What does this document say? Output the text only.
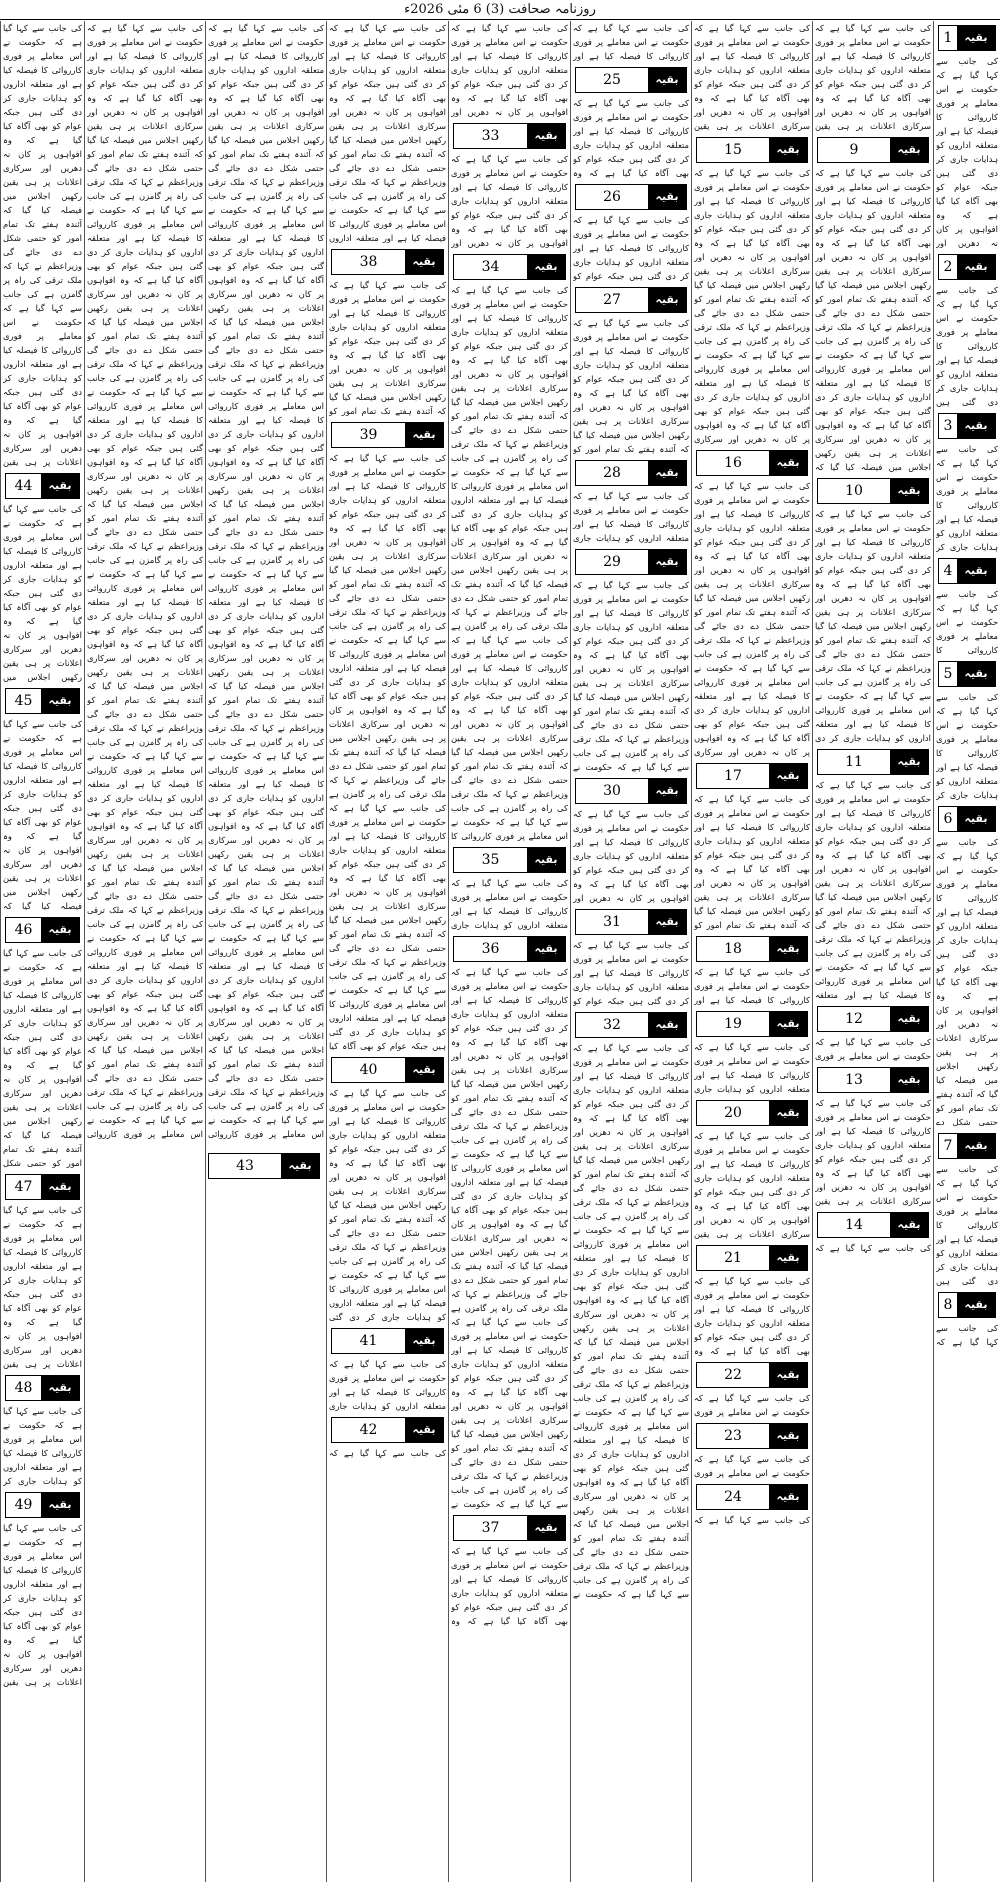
روزنامہ صحافت (3) 6 مئی 2026ء
1	بقیہ
کی جانب سے کہا گیا ہے کہ حکومت نے اس معاملے پر فوری کارروائی کا فیصلہ کیا ہے اور متعلقہ اداروں کو ہدایات جاری کر دی گئی ہیں جبکہ عوام کو بھی آگاہ کیا گیا ہے کہ وہ افواہوں پر کان نہ دھریں اور
2	بقیہ
کی جانب سے کہا گیا ہے کہ حکومت نے اس معاملے پر فوری کارروائی کا فیصلہ کیا ہے اور متعلقہ اداروں کو ہدایات جاری کر دی گئی ہیں
3	بقیہ
کی جانب سے کہا گیا ہے کہ حکومت نے اس معاملے پر فوری کارروائی کا فیصلہ کیا ہے اور متعلقہ اداروں کو ہدایات جاری کر
4	بقیہ
کی جانب سے کہا گیا ہے کہ حکومت نے اس معاملے پر فوری کارروائی کا
5	بقیہ
کی جانب سے کہا گیا ہے کہ حکومت نے اس معاملے پر فوری کارروائی کا فیصلہ کیا ہے اور متعلقہ اداروں کو ہدایات جاری کر
6	بقیہ
کی جانب سے کہا گیا ہے کہ حکومت نے اس معاملے پر فوری کارروائی کا فیصلہ کیا ہے اور متعلقہ اداروں کو ہدایات جاری کر دی گئی ہیں جبکہ عوام کو بھی آگاہ کیا گیا ہے کہ وہ افواہوں پر کان نہ دھریں اور سرکاری اعلانات پر ہی یقین رکھیں اجلاس میں فیصلہ کیا گیا کہ آئندہ ہفتے تک تمام امور کو حتمی شکل دے
7	بقیہ
کی جانب سے کہا گیا ہے کہ حکومت نے اس معاملے پر فوری کارروائی کا فیصلہ کیا ہے اور متعلقہ اداروں کو ہدایات جاری کر دی گئی ہیں
8	بقیہ
کی جانب سے کہا گیا ہے کہ
کی جانب سے کہا گیا ہے کہ حکومت نے اس معاملے پر فوری کارروائی کا فیصلہ کیا ہے اور متعلقہ اداروں کو ہدایات جاری کر دی گئی ہیں جبکہ عوام کو بھی آگاہ کیا گیا ہے کہ وہ افواہوں پر کان نہ دھریں اور سرکاری اعلانات پر ہی یقین
9	بقیہ
کی جانب سے کہا گیا ہے کہ حکومت نے اس معاملے پر فوری کارروائی کا فیصلہ کیا ہے اور متعلقہ اداروں کو ہدایات جاری کر دی گئی ہیں جبکہ عوام کو بھی آگاہ کیا گیا ہے کہ وہ افواہوں پر کان نہ دھریں اور سرکاری اعلانات پر ہی یقین رکھیں اجلاس میں فیصلہ کیا گیا کہ آئندہ ہفتے تک تمام امور کو حتمی شکل دے دی جائے گی وزیراعظم نے کہا کہ ملک ترقی کی راہ پر گامزن ہے کی جانب سے کہا گیا ہے کہ حکومت نے اس معاملے پر فوری کارروائی کا فیصلہ کیا ہے اور متعلقہ اداروں کو ہدایات جاری کر دی گئی ہیں جبکہ عوام کو بھی آگاہ کیا گیا ہے کہ وہ افواہوں پر کان نہ دھریں اور سرکاری اعلانات پر ہی یقین رکھیں اجلاس میں فیصلہ کیا گیا کہ
10	بقیہ
کی جانب سے کہا گیا ہے کہ حکومت نے اس معاملے پر فوری کارروائی کا فیصلہ کیا ہے اور متعلقہ اداروں کو ہدایات جاری کر دی گئی ہیں جبکہ عوام کو بھی آگاہ کیا گیا ہے کہ وہ افواہوں پر کان نہ دھریں اور سرکاری اعلانات پر ہی یقین رکھیں اجلاس میں فیصلہ کیا گیا کہ آئندہ ہفتے تک تمام امور کو حتمی شکل دے دی جائے گی وزیراعظم نے کہا کہ ملک ترقی کی راہ پر گامزن ہے کی جانب سے کہا گیا ہے کہ حکومت نے اس معاملے پر فوری کارروائی کا فیصلہ کیا ہے اور متعلقہ اداروں کو ہدایات جاری کر دی
11	بقیہ
کی جانب سے کہا گیا ہے کہ حکومت نے اس معاملے پر فوری کارروائی کا فیصلہ کیا ہے اور متعلقہ اداروں کو ہدایات جاری کر دی گئی ہیں جبکہ عوام کو بھی آگاہ کیا گیا ہے کہ وہ افواہوں پر کان نہ دھریں اور سرکاری اعلانات پر ہی یقین رکھیں اجلاس میں فیصلہ کیا گیا کہ آئندہ ہفتے تک تمام امور کو حتمی شکل دے دی جائے گی وزیراعظم نے کہا کہ ملک ترقی کی راہ پر گامزن ہے کی جانب سے کہا گیا ہے کہ حکومت نے اس معاملے پر فوری کارروائی کا فیصلہ کیا ہے اور متعلقہ
12	بقیہ
کی جانب سے کہا گیا ہے کہ حکومت نے اس معاملے پر فوری
13	بقیہ
کی جانب سے کہا گیا ہے کہ حکومت نے اس معاملے پر فوری کارروائی کا فیصلہ کیا ہے اور متعلقہ اداروں کو ہدایات جاری کر دی گئی ہیں جبکہ عوام کو بھی آگاہ کیا گیا ہے کہ وہ افواہوں پر کان نہ دھریں اور سرکاری اعلانات پر ہی یقین
14	بقیہ
کی جانب سے کہا گیا ہے کہ
کی جانب سے کہا گیا ہے کہ حکومت نے اس معاملے پر فوری کارروائی کا فیصلہ کیا ہے اور متعلقہ اداروں کو ہدایات جاری کر دی گئی ہیں جبکہ عوام کو بھی آگاہ کیا گیا ہے کہ وہ افواہوں پر کان نہ دھریں اور سرکاری اعلانات پر ہی یقین
15	بقیہ
کی جانب سے کہا گیا ہے کہ حکومت نے اس معاملے پر فوری کارروائی کا فیصلہ کیا ہے اور متعلقہ اداروں کو ہدایات جاری کر دی گئی ہیں جبکہ عوام کو بھی آگاہ کیا گیا ہے کہ وہ افواہوں پر کان نہ دھریں اور سرکاری اعلانات پر ہی یقین رکھیں اجلاس میں فیصلہ کیا گیا کہ آئندہ ہفتے تک تمام امور کو حتمی شکل دے دی جائے گی وزیراعظم نے کہا کہ ملک ترقی کی راہ پر گامزن ہے کی جانب سے کہا گیا ہے کہ حکومت نے اس معاملے پر فوری کارروائی کا فیصلہ کیا ہے اور متعلقہ اداروں کو ہدایات جاری کر دی گئی ہیں جبکہ عوام کو بھی آگاہ کیا گیا ہے کہ وہ افواہوں پر کان نہ دھریں اور سرکاری
16	بقیہ
کی جانب سے کہا گیا ہے کہ حکومت نے اس معاملے پر فوری کارروائی کا فیصلہ کیا ہے اور متعلقہ اداروں کو ہدایات جاری کر دی گئی ہیں جبکہ عوام کو بھی آگاہ کیا گیا ہے کہ وہ افواہوں پر کان نہ دھریں اور سرکاری اعلانات پر ہی یقین رکھیں اجلاس میں فیصلہ کیا گیا کہ آئندہ ہفتے تک تمام امور کو حتمی شکل دے دی جائے گی وزیراعظم نے کہا کہ ملک ترقی کی راہ پر گامزن ہے کی جانب سے کہا گیا ہے کہ حکومت نے اس معاملے پر فوری کارروائی کا فیصلہ کیا ہے اور متعلقہ اداروں کو ہدایات جاری کر دی گئی ہیں جبکہ عوام کو بھی آگاہ کیا گیا ہے کہ وہ افواہوں پر کان نہ دھریں اور سرکاری
17	بقیہ
کی جانب سے کہا گیا ہے کہ حکومت نے اس معاملے پر فوری کارروائی کا فیصلہ کیا ہے اور متعلقہ اداروں کو ہدایات جاری کر دی گئی ہیں جبکہ عوام کو بھی آگاہ کیا گیا ہے کہ وہ افواہوں پر کان نہ دھریں اور سرکاری اعلانات پر ہی یقین رکھیں اجلاس میں فیصلہ کیا گیا کہ آئندہ ہفتے تک تمام امور کو
18	بقیہ
کی جانب سے کہا گیا ہے کہ حکومت نے اس معاملے پر فوری کارروائی کا فیصلہ کیا ہے اور
19	بقیہ
کی جانب سے کہا گیا ہے کہ حکومت نے اس معاملے پر فوری کارروائی کا فیصلہ کیا ہے اور متعلقہ اداروں کو ہدایات جاری
20	بقیہ
کی جانب سے کہا گیا ہے کہ حکومت نے اس معاملے پر فوری کارروائی کا فیصلہ کیا ہے اور متعلقہ اداروں کو ہدایات جاری کر دی گئی ہیں جبکہ عوام کو بھی آگاہ کیا گیا ہے کہ وہ افواہوں پر کان نہ دھریں اور سرکاری اعلانات پر ہی یقین
21	بقیہ
کی جانب سے کہا گیا ہے کہ حکومت نے اس معاملے پر فوری کارروائی کا فیصلہ کیا ہے اور متعلقہ اداروں کو ہدایات جاری کر دی گئی ہیں جبکہ عوام کو بھی آگاہ کیا گیا ہے کہ وہ
22	بقیہ
کی جانب سے کہا گیا ہے کہ حکومت نے اس معاملے پر فوری
23	بقیہ
کی جانب سے کہا گیا ہے کہ حکومت نے اس معاملے پر فوری
24	بقیہ
کی جانب سے کہا گیا ہے کہ
کی جانب سے کہا گیا ہے کہ حکومت نے اس معاملے پر فوری کارروائی کا فیصلہ کیا ہے اور
25	بقیہ
کی جانب سے کہا گیا ہے کہ حکومت نے اس معاملے پر فوری کارروائی کا فیصلہ کیا ہے اور متعلقہ اداروں کو ہدایات جاری کر دی گئی ہیں جبکہ عوام کو بھی آگاہ کیا گیا ہے کہ وہ
26	بقیہ
کی جانب سے کہا گیا ہے کہ حکومت نے اس معاملے پر فوری کارروائی کا فیصلہ کیا ہے اور متعلقہ اداروں کو ہدایات جاری کر دی گئی ہیں جبکہ عوام کو
27	بقیہ
کی جانب سے کہا گیا ہے کہ حکومت نے اس معاملے پر فوری کارروائی کا فیصلہ کیا ہے اور متعلقہ اداروں کو ہدایات جاری کر دی گئی ہیں جبکہ عوام کو بھی آگاہ کیا گیا ہے کہ وہ افواہوں پر کان نہ دھریں اور سرکاری اعلانات پر ہی یقین رکھیں اجلاس میں فیصلہ کیا گیا کہ آئندہ ہفتے تک تمام امور کو
28	بقیہ
کی جانب سے کہا گیا ہے کہ حکومت نے اس معاملے پر فوری کارروائی کا فیصلہ کیا ہے اور متعلقہ اداروں کو ہدایات جاری
29	بقیہ
کی جانب سے کہا گیا ہے کہ حکومت نے اس معاملے پر فوری کارروائی کا فیصلہ کیا ہے اور متعلقہ اداروں کو ہدایات جاری کر دی گئی ہیں جبکہ عوام کو بھی آگاہ کیا گیا ہے کہ وہ افواہوں پر کان نہ دھریں اور سرکاری اعلانات پر ہی یقین رکھیں اجلاس میں فیصلہ کیا گیا کہ آئندہ ہفتے تک تمام امور کو حتمی شکل دے دی جائے گی وزیراعظم نے کہا کہ ملک ترقی کی راہ پر گامزن ہے کی جانب سے کہا گیا ہے کہ حکومت نے
30	بقیہ
کی جانب سے کہا گیا ہے کہ حکومت نے اس معاملے پر فوری کارروائی کا فیصلہ کیا ہے اور متعلقہ اداروں کو ہدایات جاری کر دی گئی ہیں جبکہ عوام کو بھی آگاہ کیا گیا ہے کہ وہ افواہوں پر کان نہ دھریں اور
31	بقیہ
کی جانب سے کہا گیا ہے کہ حکومت نے اس معاملے پر فوری کارروائی کا فیصلہ کیا ہے اور متعلقہ اداروں کو ہدایات جاری کر دی گئی ہیں جبکہ عوام کو
32	بقیہ
کی جانب سے کہا گیا ہے کہ حکومت نے اس معاملے پر فوری کارروائی کا فیصلہ کیا ہے اور متعلقہ اداروں کو ہدایات جاری کر دی گئی ہیں جبکہ عوام کو بھی آگاہ کیا گیا ہے کہ وہ افواہوں پر کان نہ دھریں اور سرکاری اعلانات پر ہی یقین رکھیں اجلاس میں فیصلہ کیا گیا کہ آئندہ ہفتے تک تمام امور کو حتمی شکل دے دی جائے گی وزیراعظم نے کہا کہ ملک ترقی کی راہ پر گامزن ہے کی جانب سے کہا گیا ہے کہ حکومت نے اس معاملے پر فوری کارروائی کا فیصلہ کیا ہے اور متعلقہ اداروں کو ہدایات جاری کر دی گئی ہیں جبکہ عوام کو بھی آگاہ کیا گیا ہے کہ وہ افواہوں پر کان نہ دھریں اور سرکاری اعلانات پر ہی یقین رکھیں اجلاس میں فیصلہ کیا گیا کہ آئندہ ہفتے تک تمام امور کو حتمی شکل دے دی جائے گی وزیراعظم نے کہا کہ ملک ترقی کی راہ پر گامزن ہے کی جانب سے کہا گیا ہے کہ حکومت نے اس معاملے پر فوری کارروائی کا فیصلہ کیا ہے اور متعلقہ اداروں کو ہدایات جاری کر دی گئی ہیں جبکہ عوام کو بھی آگاہ کیا گیا ہے کہ وہ افواہوں پر کان نہ دھریں اور سرکاری اعلانات پر ہی یقین رکھیں اجلاس میں فیصلہ کیا گیا کہ آئندہ ہفتے تک تمام امور کو حتمی شکل دے دی جائے گی وزیراعظم نے کہا کہ ملک ترقی کی راہ پر گامزن ہے کی جانب سے کہا گیا ہے کہ حکومت نے
کی جانب سے کہا گیا ہے کہ حکومت نے اس معاملے پر فوری کارروائی کا فیصلہ کیا ہے اور متعلقہ اداروں کو ہدایات جاری کر دی گئی ہیں جبکہ عوام کو بھی آگاہ کیا گیا ہے کہ وہ افواہوں پر کان نہ دھریں اور
33	بقیہ
کی جانب سے کہا گیا ہے کہ حکومت نے اس معاملے پر فوری کارروائی کا فیصلہ کیا ہے اور متعلقہ اداروں کو ہدایات جاری کر دی گئی ہیں جبکہ عوام کو بھی آگاہ کیا گیا ہے کہ وہ افواہوں پر کان نہ دھریں اور
34	بقیہ
کی جانب سے کہا گیا ہے کہ حکومت نے اس معاملے پر فوری کارروائی کا فیصلہ کیا ہے اور متعلقہ اداروں کو ہدایات جاری کر دی گئی ہیں جبکہ عوام کو بھی آگاہ کیا گیا ہے کہ وہ افواہوں پر کان نہ دھریں اور سرکاری اعلانات پر ہی یقین رکھیں اجلاس میں فیصلہ کیا گیا کہ آئندہ ہفتے تک تمام امور کو حتمی شکل دے دی جائے گی وزیراعظم نے کہا کہ ملک ترقی کی راہ پر گامزن ہے کی جانب سے کہا گیا ہے کہ حکومت نے اس معاملے پر فوری کارروائی کا فیصلہ کیا ہے اور متعلقہ اداروں کو ہدایات جاری کر دی گئی ہیں جبکہ عوام کو بھی آگاہ کیا گیا ہے کہ وہ افواہوں پر کان نہ دھریں اور سرکاری اعلانات پر ہی یقین رکھیں اجلاس میں فیصلہ کیا گیا کہ آئندہ ہفتے تک تمام امور کو حتمی شکل دے دی جائے گی وزیراعظم نے کہا کہ ملک ترقی کی راہ پر گامزن ہے کی جانب سے کہا گیا ہے کہ حکومت نے اس معاملے پر فوری کارروائی کا فیصلہ کیا ہے اور متعلقہ اداروں کو ہدایات جاری کر دی گئی ہیں جبکہ عوام کو بھی آگاہ کیا گیا ہے کہ وہ افواہوں پر کان نہ دھریں اور سرکاری اعلانات پر ہی یقین رکھیں اجلاس میں فیصلہ کیا گیا کہ آئندہ ہفتے تک تمام امور کو حتمی شکل دے دی جائے گی وزیراعظم نے کہا کہ ملک ترقی کی راہ پر گامزن ہے کی جانب سے کہا گیا ہے کہ حکومت نے اس معاملے پر فوری کارروائی کا
35	بقیہ
کی جانب سے کہا گیا ہے کہ حکومت نے اس معاملے پر فوری کارروائی کا فیصلہ کیا ہے اور متعلقہ اداروں کو ہدایات جاری
36	بقیہ
کی جانب سے کہا گیا ہے کہ حکومت نے اس معاملے پر فوری کارروائی کا فیصلہ کیا ہے اور متعلقہ اداروں کو ہدایات جاری کر دی گئی ہیں جبکہ عوام کو بھی آگاہ کیا گیا ہے کہ وہ افواہوں پر کان نہ دھریں اور سرکاری اعلانات پر ہی یقین رکھیں اجلاس میں فیصلہ کیا گیا کہ آئندہ ہفتے تک تمام امور کو حتمی شکل دے دی جائے گی وزیراعظم نے کہا کہ ملک ترقی کی راہ پر گامزن ہے کی جانب سے کہا گیا ہے کہ حکومت نے اس معاملے پر فوری کارروائی کا فیصلہ کیا ہے اور متعلقہ اداروں کو ہدایات جاری کر دی گئی ہیں جبکہ عوام کو بھی آگاہ کیا گیا ہے کہ وہ افواہوں پر کان نہ دھریں اور سرکاری اعلانات پر ہی یقین رکھیں اجلاس میں فیصلہ کیا گیا کہ آئندہ ہفتے تک تمام امور کو حتمی شکل دے دی جائے گی وزیراعظم نے کہا کہ ملک ترقی کی راہ پر گامزن ہے کی جانب سے کہا گیا ہے کہ حکومت نے اس معاملے پر فوری کارروائی کا فیصلہ کیا ہے اور متعلقہ اداروں کو ہدایات جاری کر دی گئی ہیں جبکہ عوام کو بھی آگاہ کیا گیا ہے کہ وہ افواہوں پر کان نہ دھریں اور سرکاری اعلانات پر ہی یقین رکھیں اجلاس میں فیصلہ کیا گیا کہ آئندہ ہفتے تک تمام امور کو حتمی شکل دے دی جائے گی وزیراعظم نے کہا کہ ملک ترقی کی راہ پر گامزن ہے کی جانب سے کہا گیا ہے کہ حکومت نے
37	بقیہ
کی جانب سے کہا گیا ہے کہ حکومت نے اس معاملے پر فوری کارروائی کا فیصلہ کیا ہے اور متعلقہ اداروں کو ہدایات جاری کر دی گئی ہیں جبکہ عوام کو بھی آگاہ کیا گیا ہے کہ وہ
کی جانب سے کہا گیا ہے کہ حکومت نے اس معاملے پر فوری کارروائی کا فیصلہ کیا ہے اور متعلقہ اداروں کو ہدایات جاری کر دی گئی ہیں جبکہ عوام کو بھی آگاہ کیا گیا ہے کہ وہ افواہوں پر کان نہ دھریں اور سرکاری اعلانات پر ہی یقین رکھیں اجلاس میں فیصلہ کیا گیا کہ آئندہ ہفتے تک تمام امور کو حتمی شکل دے دی جائے گی وزیراعظم نے کہا کہ ملک ترقی کی راہ پر گامزن ہے کی جانب سے کہا گیا ہے کہ حکومت نے اس معاملے پر فوری کارروائی کا فیصلہ کیا ہے اور متعلقہ اداروں
38	بقیہ
کی جانب سے کہا گیا ہے کہ حکومت نے اس معاملے پر فوری کارروائی کا فیصلہ کیا ہے اور متعلقہ اداروں کو ہدایات جاری کر دی گئی ہیں جبکہ عوام کو بھی آگاہ کیا گیا ہے کہ وہ افواہوں پر کان نہ دھریں اور سرکاری اعلانات پر ہی یقین رکھیں اجلاس میں فیصلہ کیا گیا کہ آئندہ ہفتے تک تمام امور کو
39	بقیہ
کی جانب سے کہا گیا ہے کہ حکومت نے اس معاملے پر فوری کارروائی کا فیصلہ کیا ہے اور متعلقہ اداروں کو ہدایات جاری کر دی گئی ہیں جبکہ عوام کو بھی آگاہ کیا گیا ہے کہ وہ افواہوں پر کان نہ دھریں اور سرکاری اعلانات پر ہی یقین رکھیں اجلاس میں فیصلہ کیا گیا کہ آئندہ ہفتے تک تمام امور کو حتمی شکل دے دی جائے گی وزیراعظم نے کہا کہ ملک ترقی کی راہ پر گامزن ہے کی جانب سے کہا گیا ہے کہ حکومت نے اس معاملے پر فوری کارروائی کا فیصلہ کیا ہے اور متعلقہ اداروں کو ہدایات جاری کر دی گئی ہیں جبکہ عوام کو بھی آگاہ کیا گیا ہے کہ وہ افواہوں پر کان نہ دھریں اور سرکاری اعلانات پر ہی یقین رکھیں اجلاس میں فیصلہ کیا گیا کہ آئندہ ہفتے تک تمام امور کو حتمی شکل دے دی جائے گی وزیراعظم نے کہا کہ ملک ترقی کی راہ پر گامزن ہے کی جانب سے کہا گیا ہے کہ حکومت نے اس معاملے پر فوری کارروائی کا فیصلہ کیا ہے اور متعلقہ اداروں کو ہدایات جاری کر دی گئی ہیں جبکہ عوام کو بھی آگاہ کیا گیا ہے کہ وہ افواہوں پر کان نہ دھریں اور سرکاری اعلانات پر ہی یقین رکھیں اجلاس میں فیصلہ کیا گیا کہ آئندہ ہفتے تک تمام امور کو حتمی شکل دے دی جائے گی وزیراعظم نے کہا کہ ملک ترقی کی راہ پر گامزن ہے کی جانب سے کہا گیا ہے کہ حکومت نے اس معاملے پر فوری کارروائی کا فیصلہ کیا ہے اور متعلقہ اداروں کو ہدایات جاری کر دی گئی ہیں جبکہ عوام کو بھی آگاہ کیا
40	بقیہ
کی جانب سے کہا گیا ہے کہ حکومت نے اس معاملے پر فوری کارروائی کا فیصلہ کیا ہے اور متعلقہ اداروں کو ہدایات جاری کر دی گئی ہیں جبکہ عوام کو بھی آگاہ کیا گیا ہے کہ وہ افواہوں پر کان نہ دھریں اور سرکاری اعلانات پر ہی یقین رکھیں اجلاس میں فیصلہ کیا گیا کہ آئندہ ہفتے تک تمام امور کو حتمی شکل دے دی جائے گی وزیراعظم نے کہا کہ ملک ترقی کی راہ پر گامزن ہے کی جانب سے کہا گیا ہے کہ حکومت نے اس معاملے پر فوری کارروائی کا فیصلہ کیا ہے اور متعلقہ اداروں کو ہدایات جاری کر دی گئی
41	بقیہ
کی جانب سے کہا گیا ہے کہ حکومت نے اس معاملے پر فوری کارروائی کا فیصلہ کیا ہے اور متعلقہ اداروں کو ہدایات جاری
42	بقیہ
کی جانب سے کہا گیا ہے کہ
کی جانب سے کہا گیا ہے کہ حکومت نے اس معاملے پر فوری کارروائی کا فیصلہ کیا ہے اور متعلقہ اداروں کو ہدایات جاری کر دی گئی ہیں جبکہ عوام کو بھی آگاہ کیا گیا ہے کہ وہ افواہوں پر کان نہ دھریں اور سرکاری اعلانات پر ہی یقین رکھیں اجلاس میں فیصلہ کیا گیا کہ آئندہ ہفتے تک تمام امور کو حتمی شکل دے دی جائے گی وزیراعظم نے کہا کہ ملک ترقی کی راہ پر گامزن ہے کی جانب سے کہا گیا ہے کہ حکومت نے اس معاملے پر فوری کارروائی کا فیصلہ کیا ہے اور متعلقہ اداروں کو ہدایات جاری کر دی گئی ہیں جبکہ عوام کو بھی آگاہ کیا گیا ہے کہ وہ افواہوں پر کان نہ دھریں اور سرکاری اعلانات پر ہی یقین رکھیں اجلاس میں فیصلہ کیا گیا کہ آئندہ ہفتے تک تمام امور کو حتمی شکل دے دی جائے گی وزیراعظم نے کہا کہ ملک ترقی کی راہ پر گامزن ہے کی جانب سے کہا گیا ہے کہ حکومت نے اس معاملے پر فوری کارروائی کا فیصلہ کیا ہے اور متعلقہ اداروں کو ہدایات جاری کر دی گئی ہیں جبکہ عوام کو بھی آگاہ کیا گیا ہے کہ وہ افواہوں پر کان نہ دھریں اور سرکاری اعلانات پر ہی یقین رکھیں اجلاس میں فیصلہ کیا گیا کہ آئندہ ہفتے تک تمام امور کو حتمی شکل دے دی جائے گی وزیراعظم نے کہا کہ ملک ترقی کی راہ پر گامزن ہے کی جانب سے کہا گیا ہے کہ حکومت نے اس معاملے پر فوری کارروائی کا فیصلہ کیا ہے اور متعلقہ اداروں کو ہدایات جاری کر دی گئی ہیں جبکہ عوام کو بھی آگاہ کیا گیا ہے کہ وہ افواہوں پر کان نہ دھریں اور سرکاری اعلانات پر ہی یقین رکھیں اجلاس میں فیصلہ کیا گیا کہ آئندہ ہفتے تک تمام امور کو حتمی شکل دے دی جائے گی وزیراعظم نے کہا کہ ملک ترقی کی راہ پر گامزن ہے کی جانب سے کہا گیا ہے کہ حکومت نے اس معاملے پر فوری کارروائی کا فیصلہ کیا ہے اور متعلقہ اداروں کو ہدایات جاری کر دی گئی ہیں جبکہ عوام کو بھی آگاہ کیا گیا ہے کہ وہ افواہوں پر کان نہ دھریں اور سرکاری اعلانات پر ہی یقین رکھیں اجلاس میں فیصلہ کیا گیا کہ آئندہ ہفتے تک تمام امور کو حتمی شکل دے دی جائے گی وزیراعظم نے کہا کہ ملک ترقی کی راہ پر گامزن ہے کی جانب سے کہا گیا ہے کہ حکومت نے اس معاملے پر فوری کارروائی کا فیصلہ کیا ہے اور متعلقہ اداروں کو ہدایات جاری کر دی گئی ہیں جبکہ عوام کو بھی آگاہ کیا گیا ہے کہ وہ افواہوں پر کان نہ دھریں اور سرکاری اعلانات پر ہی یقین رکھیں اجلاس میں فیصلہ کیا گیا کہ آئندہ ہفتے تک تمام امور کو حتمی شکل دے دی جائے گی وزیراعظم نے کہا کہ ملک ترقی کی راہ پر گامزن ہے کی جانب سے کہا گیا ہے کہ حکومت نے اس معاملے پر فوری کارروائی
کی جانب سے کہا گیا ہے کہ حکومت نے اس معاملے پر فوری کارروائی کا فیصلہ کیا ہے اور متعلقہ اداروں کو ہدایات جاری کر دی گئی ہیں جبکہ عوام کو بھی آگاہ کیا گیا ہے کہ وہ افواہوں پر کان نہ دھریں اور سرکاری اعلانات پر ہی یقین رکھیں اجلاس میں فیصلہ کیا گیا کہ آئندہ ہفتے تک تمام امور کو حتمی شکل دے دی جائے گی وزیراعظم نے کہا کہ ملک ترقی کی راہ پر گامزن ہے کی جانب سے کہا گیا ہے کہ حکومت نے اس معاملے پر فوری کارروائی کا فیصلہ کیا ہے اور متعلقہ اداروں کو ہدایات جاری کر دی گئی ہیں جبکہ عوام کو بھی آگاہ کیا گیا ہے کہ وہ افواہوں پر کان نہ دھریں اور سرکاری اعلانات پر ہی یقین رکھیں اجلاس میں فیصلہ کیا گیا کہ آئندہ ہفتے تک تمام امور کو حتمی شکل دے دی جائے گی وزیراعظم نے کہا کہ ملک ترقی کی راہ پر گامزن ہے کی جانب سے کہا گیا ہے کہ حکومت نے اس معاملے پر فوری کارروائی کا فیصلہ کیا ہے اور متعلقہ اداروں کو ہدایات جاری کر دی گئی ہیں جبکہ عوام کو بھی آگاہ کیا گیا ہے کہ وہ افواہوں پر کان نہ دھریں اور سرکاری اعلانات پر ہی یقین رکھیں اجلاس میں فیصلہ کیا گیا کہ آئندہ ہفتے تک تمام امور کو حتمی شکل دے دی جائے گی وزیراعظم نے کہا کہ ملک ترقی کی راہ پر گامزن ہے کی جانب سے کہا گیا ہے کہ حکومت نے اس معاملے پر فوری کارروائی کا فیصلہ کیا ہے اور متعلقہ اداروں کو ہدایات جاری کر دی گئی ہیں جبکہ عوام کو بھی آگاہ کیا گیا ہے کہ وہ افواہوں پر کان نہ دھریں اور سرکاری اعلانات پر ہی یقین رکھیں اجلاس میں فیصلہ کیا گیا کہ آئندہ ہفتے تک تمام امور کو حتمی شکل دے دی جائے گی وزیراعظم نے کہا کہ ملک ترقی کی راہ پر گامزن ہے کی جانب سے کہا گیا ہے کہ حکومت نے اس معاملے پر فوری کارروائی کا فیصلہ کیا ہے اور متعلقہ اداروں کو ہدایات جاری کر دی گئی ہیں جبکہ عوام کو بھی آگاہ کیا گیا ہے کہ وہ افواہوں پر کان نہ دھریں اور سرکاری اعلانات پر ہی یقین رکھیں اجلاس میں فیصلہ کیا گیا کہ آئندہ ہفتے تک تمام امور کو حتمی شکل دے دی جائے گی وزیراعظم نے کہا کہ ملک ترقی کی راہ پر گامزن ہے کی جانب سے کہا گیا ہے کہ حکومت نے اس معاملے پر فوری کارروائی کا فیصلہ کیا ہے اور متعلقہ اداروں کو ہدایات جاری کر دی گئی ہیں جبکہ عوام کو بھی آگاہ کیا گیا ہے کہ وہ افواہوں پر کان نہ دھریں اور سرکاری اعلانات پر ہی یقین رکھیں اجلاس میں فیصلہ کیا گیا کہ آئندہ ہفتے تک تمام امور کو حتمی شکل دے دی جائے گی وزیراعظم نے کہا کہ ملک ترقی کی راہ پر گامزن ہے کی جانب سے کہا گیا ہے کہ حکومت نے اس معاملے پر فوری کارروائی
کی جانب سے کہا گیا ہے کہ حکومت نے اس معاملے پر فوری کارروائی کا فیصلہ کیا ہے اور متعلقہ اداروں کو ہدایات جاری کر دی گئی ہیں جبکہ عوام کو بھی آگاہ کیا گیا ہے کہ وہ افواہوں پر کان نہ دھریں اور سرکاری اعلانات پر ہی یقین رکھیں اجلاس میں فیصلہ کیا گیا کہ آئندہ ہفتے تک تمام امور کو حتمی شکل دے دی جائے گی وزیراعظم نے کہا کہ ملک ترقی کی راہ پر گامزن ہے کی جانب سے کہا گیا ہے کہ حکومت نے اس معاملے پر فوری کارروائی کا فیصلہ کیا ہے اور متعلقہ اداروں کو ہدایات جاری کر دی گئی ہیں جبکہ عوام کو بھی آگاہ کیا گیا ہے کہ وہ افواہوں پر کان نہ دھریں اور سرکاری اعلانات پر ہی یقین
44	بقیہ
کی جانب سے کہا گیا ہے کہ حکومت نے اس معاملے پر فوری کارروائی کا فیصلہ کیا ہے اور متعلقہ اداروں کو ہدایات جاری کر دی گئی ہیں جبکہ عوام کو بھی آگاہ کیا گیا ہے کہ وہ افواہوں پر کان نہ دھریں اور سرکاری اعلانات پر ہی یقین رکھیں اجلاس میں
45	بقیہ
کی جانب سے کہا گیا ہے کہ حکومت نے اس معاملے پر فوری کارروائی کا فیصلہ کیا ہے اور متعلقہ اداروں کو ہدایات جاری کر دی گئی ہیں جبکہ عوام کو بھی آگاہ کیا گیا ہے کہ وہ افواہوں پر کان نہ دھریں اور سرکاری اعلانات پر ہی یقین رکھیں اجلاس میں فیصلہ کیا گیا کہ
46	بقیہ
کی جانب سے کہا گیا ہے کہ حکومت نے اس معاملے پر فوری کارروائی کا فیصلہ کیا ہے اور متعلقہ اداروں کو ہدایات جاری کر دی گئی ہیں جبکہ عوام کو بھی آگاہ کیا گیا ہے کہ وہ افواہوں پر کان نہ دھریں اور سرکاری اعلانات پر ہی یقین رکھیں اجلاس میں فیصلہ کیا گیا کہ آئندہ ہفتے تک تمام امور کو حتمی شکل
47	بقیہ
کی جانب سے کہا گیا ہے کہ حکومت نے اس معاملے پر فوری کارروائی کا فیصلہ کیا ہے اور متعلقہ اداروں کو ہدایات جاری کر دی گئی ہیں جبکہ عوام کو بھی آگاہ کیا گیا ہے کہ وہ افواہوں پر کان نہ دھریں اور سرکاری اعلانات پر ہی یقین
48	بقیہ
کی جانب سے کہا گیا ہے کہ حکومت نے اس معاملے پر فوری کارروائی کا فیصلہ کیا ہے اور متعلقہ اداروں کو ہدایات جاری کر
49	بقیہ
کی جانب سے کہا گیا ہے کہ حکومت نے اس معاملے پر فوری کارروائی کا فیصلہ کیا ہے اور متعلقہ اداروں کو ہدایات جاری کر دی گئی ہیں جبکہ عوام کو بھی آگاہ کیا گیا ہے کہ وہ افواہوں پر کان نہ دھریں اور سرکاری اعلانات پر ہی یقین
43	بقیہ
